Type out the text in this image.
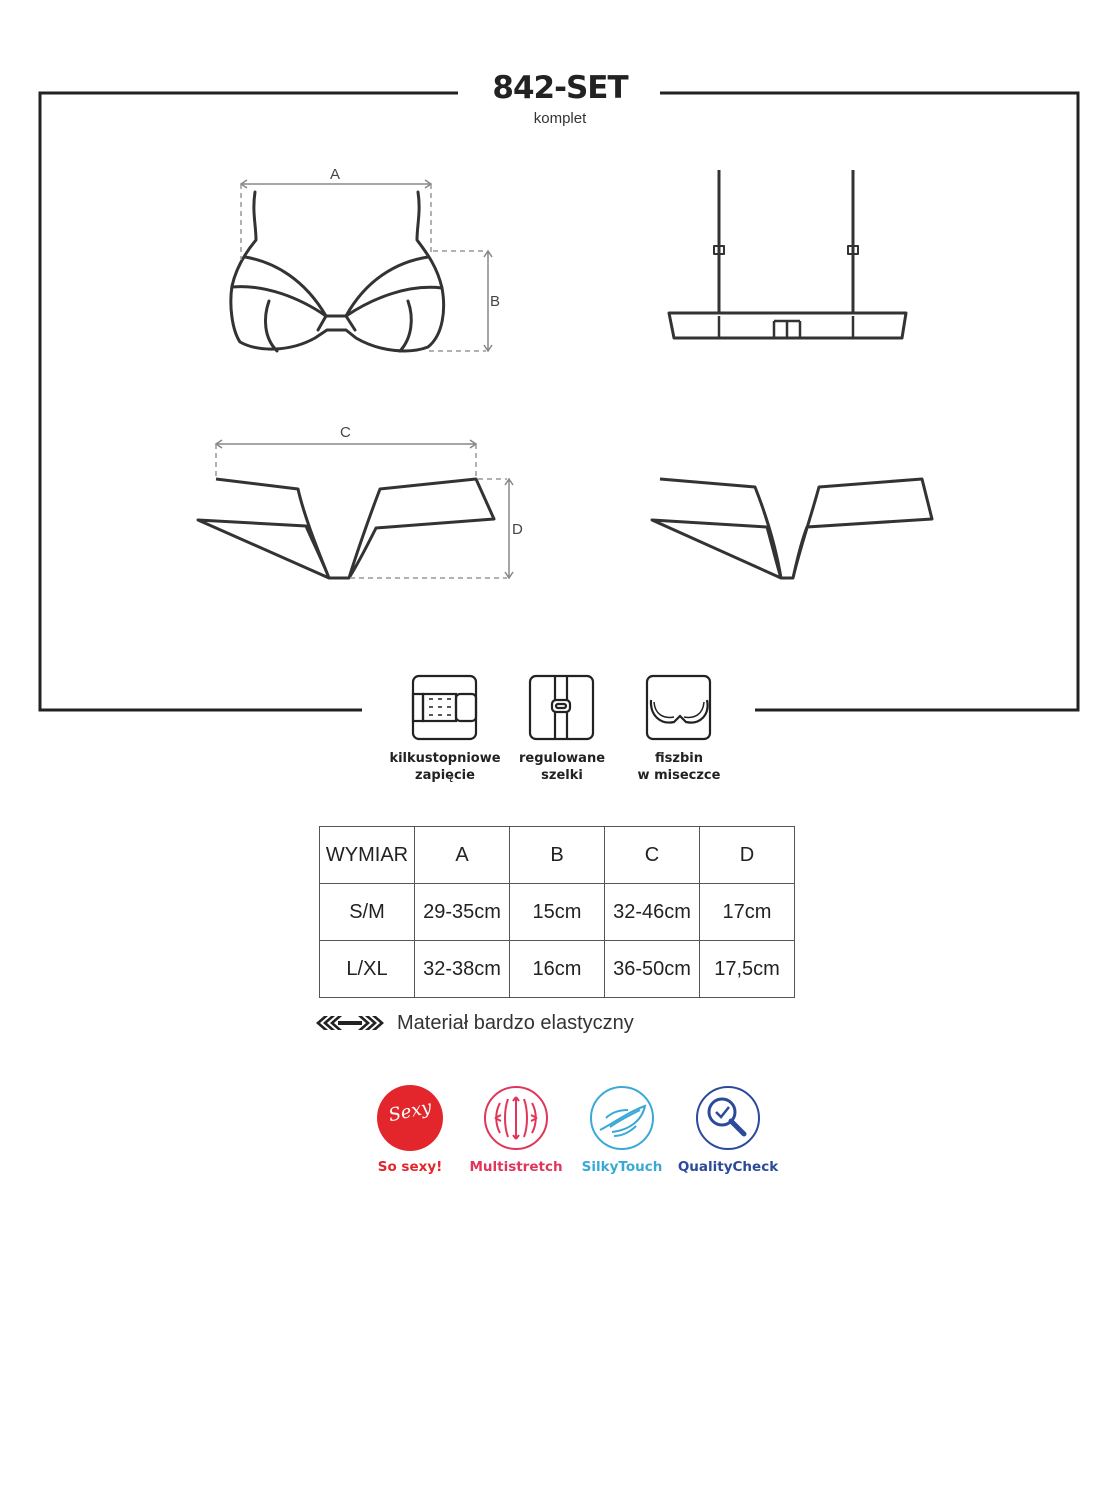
842-SET
komplet
A
B
C
D
kilkustopniowe
zapięcie
regulowane
szelki
fiszbin
w miseczce
WYMIAR	A	B	C	D
S/M	29-35cm	15cm	32-46cm	17cm
L/XL	32-38cm	16cm	36-50cm	17,5cm
Materiał bardzo elastyczny
Sexy
So sexy!	Multistretch	SilkyTouch	QualityCheck
